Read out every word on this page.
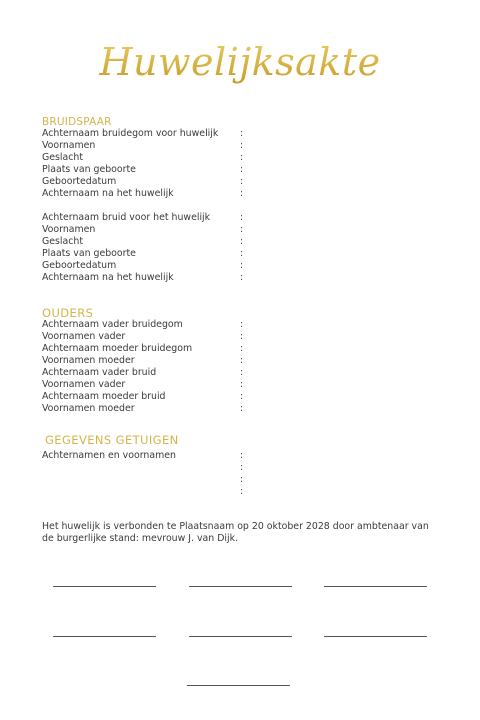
Huwelijksakte
BRUIDSPAAR
Achternaam bruidegom voor huwelijk :
Voornamen	:
Geslacht	:
Plaats van geboorte	:
Geboortedatum	:
Achternaam na het huwelijk	:
Achternaam bruid voor het huwelijk	:
Voornamen	:
Geslacht	:
Plaats van geboorte	:
Geboortedatum	:
Achternaam na het huwelijk	:
OUDERS
Achternaam vader bruidegom	:
Voornamen vader	:
Achternaam moeder bruidegom	:
Voornamen moeder	:
Achternaam vader bruid	:
Voornamen vader	:
Achternaam moeder bruid	:
Voornamen moeder	:
GEGEVENS GETUIGEN
Achternamen en voornamen	:
:
:
:
Het huwelijk is verbonden te Plaatsnaam op 20 oktober 2028 door ambtenaar van de burgerlijke stand: mevrouw J. van Dijk.
